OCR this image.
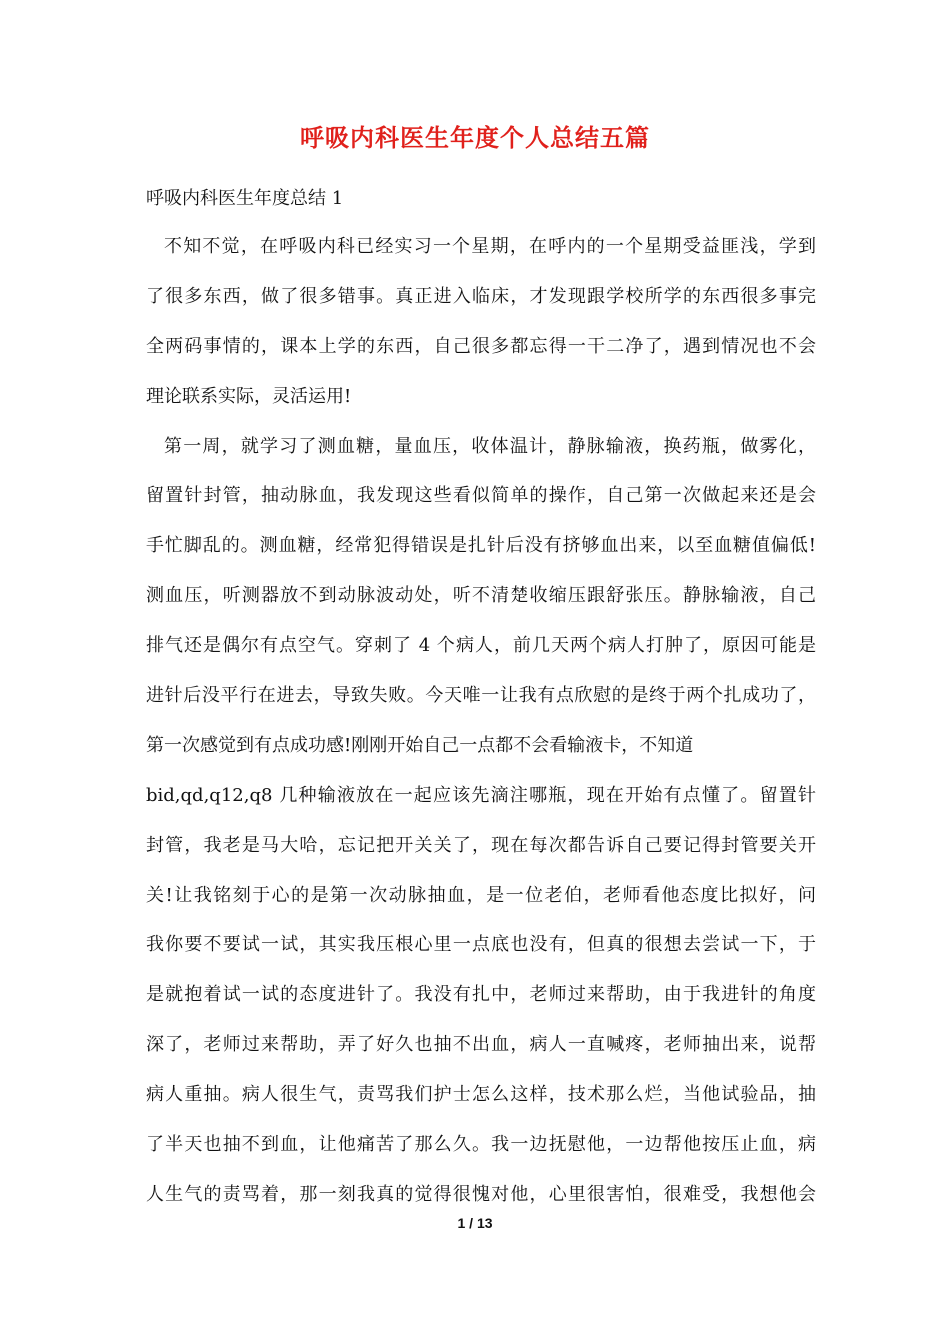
呼吸内科医生年度个人总结五篇
呼吸内科医生年度总结 1
不知不觉，在呼吸内科已经实习一个星期，在呼内的一个星期受益匪浅，学到
了很多东西，做了很多错事。真正进入临床，才发现跟学校所学的东西很多事完
全两码事情的，课本上学的东西，自己很多都忘得一干二净了，遇到情况也不会
理论联系实际，灵活运用!
第一周，就学习了测血糖，量血压，收体温计，静脉输液，换药瓶，做雾化，
留置针封管，抽动脉血，我发现这些看似简单的操作，自己第一次做起来还是会
手忙脚乱的。测血糖，经常犯得错误是扎针后没有挤够血出来，以至血糖值偏低!
测血压，听测器放不到动脉波动处，听不清楚收缩压跟舒张压。静脉输液，自己
排气还是偶尔有点空气。穿刺了 4 个病人，前几天两个病人打肿了，原因可能是
进针后没平行在进去，导致失败。今天唯一让我有点欣慰的是终于两个扎成功了，
第一次感觉到有点成功感!刚刚开始自己一点都不会看输液卡，不知道
bid,qd,q12,q8 几种输液放在一起应该先滴注哪瓶，现在开始有点懂了。留置针
封管，我老是马大哈，忘记把开关关了，现在每次都告诉自己要记得封管要关开
关!让我铭刻于心的是第一次动脉抽血，是一位老伯，老师看他态度比拟好，问
我你要不要试一试，其实我压根心里一点底也没有，但真的很想去尝试一下，于
是就抱着试一试的态度进针了。我没有扎中，老师过来帮助，由于我进针的角度
深了，老师过来帮助，弄了好久也抽不出血，病人一直喊疼，老师抽出来，说帮
病人重抽。病人很生气，责骂我们护士怎么这样，技术那么烂，当他试验品，抽
了半天也抽不到血，让他痛苦了那么久。我一边抚慰他，一边帮他按压止血，病
人生气的责骂着，那一刻我真的觉得很愧对他，心里很害怕，很难受，我想他会
1 / 13
